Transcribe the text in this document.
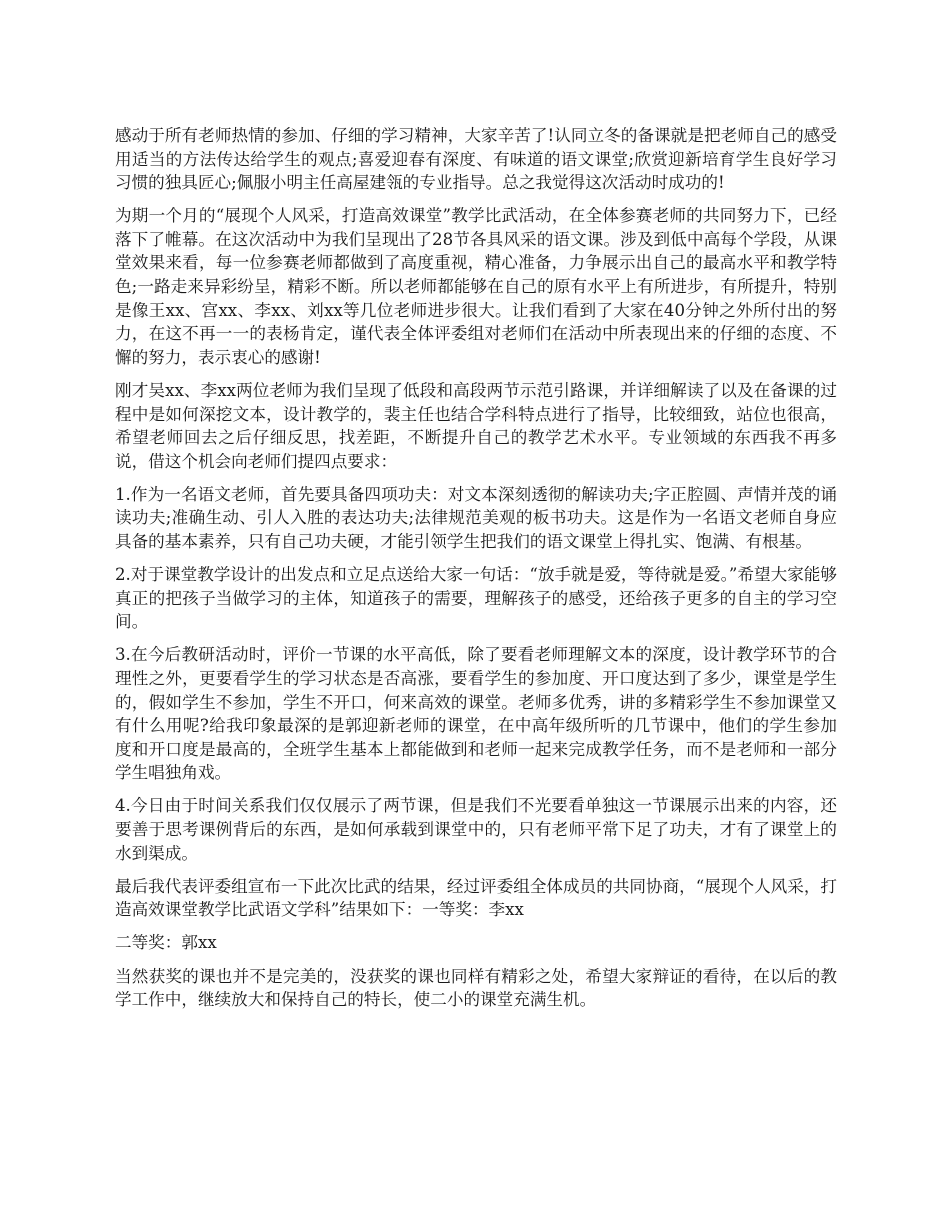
感动于所有老师热情的参加、仔细的学习精神，大家辛苦了!认同立冬的备课就是把老师自己的感受用适当的方法传达给学生的观点;喜爱迎春有深度、有味道的语文课堂;欣赏迎新培育学生良好学习习惯的独具匠心;佩服小明主任高屋建瓴的专业指导。总之我觉得这次活动时成功的!

为期一个月的“展现个人风采，打造高效课堂”教学比武活动，在全体参赛老师的共同努力下，已经落下了帷幕。在这次活动中为我们呈现出了28节各具风采的语文课。涉及到低中高每个学段，从课堂效果来看，每一位参赛老师都做到了高度重视，精心准备，力争展示出自己的最高水平和教学特色;一路走来异彩纷呈，精彩不断。所以老师都能够在自己的原有水平上有所进步，有所提升，特别是像王xx、宫xx、李xx、刘xx等几位老师进步很大。让我们看到了大家在40分钟之外所付出的努力，在这不再一一的表杨肯定，谨代表全体评委组对老师们在活动中所表现出来的仔细的态度、不懈的努力，表示衷心的感谢!

刚才吴xx、李xx两位老师为我们呈现了低段和高段两节示范引路课，并详细解读了以及在备课的过程中是如何深挖文本，设计教学的，裴主任也结合学科特点进行了指导，比较细致，站位也很高，希望老师回去之后仔细反思，找差距，不断提升自己的教学艺术水平。专业领域的东西我不再多说，借这个机会向老师们提四点要求：

1.作为一名语文老师，首先要具备四项功夫：对文本深刻透彻的解读功夫;字正腔圆、声情并茂的诵读功夫;准确生动、引人入胜的表达功夫;法律规范美观的板书功夫。这是作为一名语文老师自身应具备的基本素养，只有自己功夫硬，才能引领学生把我们的语文课堂上得扎实、饱满、有根基。

2.对于课堂教学设计的出发点和立足点送给大家一句话：“放手就是爱，等待就是爱。”希望大家能够真正的把孩子当做学习的主体，知道孩子的需要，理解孩子的感受，还给孩子更多的自主的学习空间。

3.在今后教研活动时，评价一节课的水平高低，除了要看老师理解文本的深度，设计教学环节的合理性之外，更要看学生的学习状态是否高涨，要看学生的参加度、开口度达到了多少，课堂是学生的，假如学生不参加，学生不开口，何来高效的课堂。老师多优秀，讲的多精彩学生不参加课堂又有什么用呢?给我印象最深的是郭迎新老师的课堂，在中高年级所听的几节课中，他们的学生参加度和开口度是最高的，全班学生基本上都能做到和老师一起来完成教学任务，而不是老师和一部分学生唱独角戏。

4.今日由于时间关系我们仅仅展示了两节课，但是我们不光要看单独这一节课展示出来的内容，还要善于思考课例背后的东西，是如何承载到课堂中的，只有老师平常下足了功夫，才有了课堂上的水到渠成。

最后我代表评委组宣布一下此次比武的结果，经过评委组全体成员的共同协商，“展现个人风采，打造高效课堂教学比武语文学科”结果如下：一等奖：李xx

二等奖：郭xx

当然获奖的课也并不是完美的，没获奖的课也同样有精彩之处，希望大家辩证的看待，在以后的教学工作中，继续放大和保持自己的特长，使二小的课堂充满生机。
